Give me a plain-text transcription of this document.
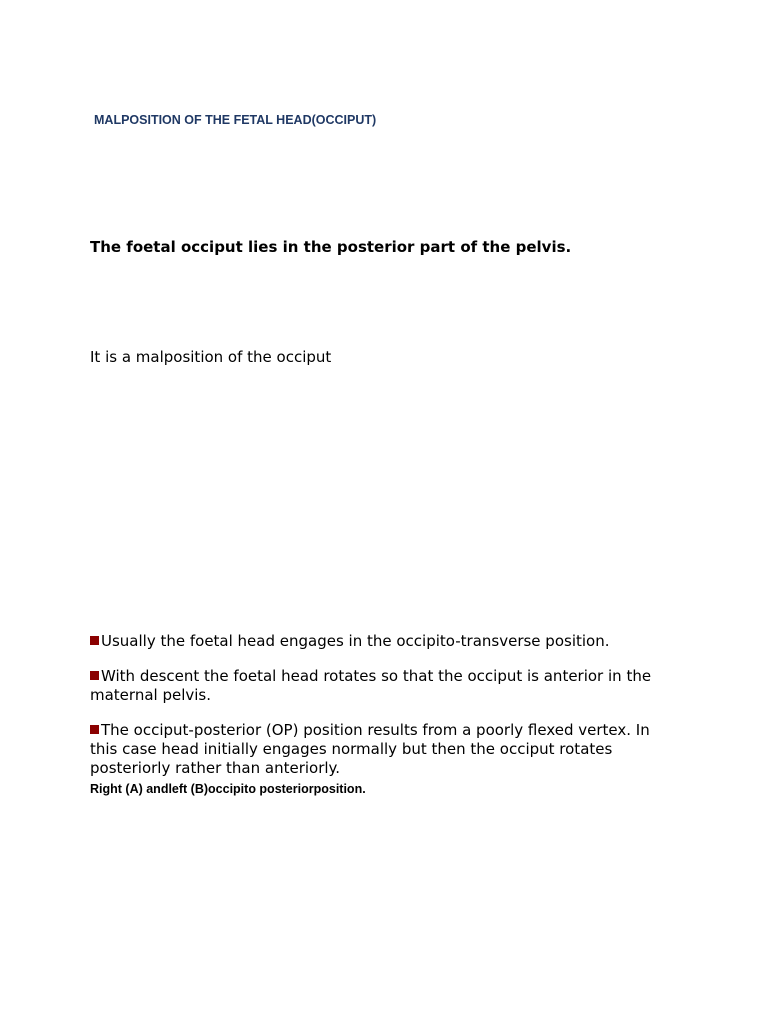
MALPOSITION OF THE FETAL HEAD(OCCIPUT)
The foetal occiput lies in the posterior part of the pelvis.
It is a malposition of the occiput
Usually the foetal head engages in the occipito-transverse position.
With descent the foetal head rotates so that the occiput is anterior in the maternal pelvis.
The occiput-posterior (OP) position results from a poorly flexed vertex. In this case head initially engages normally but then the occiput rotates posteriorly rather than anteriorly.
Right (A) andleft (B)occipito posteriorposition.
